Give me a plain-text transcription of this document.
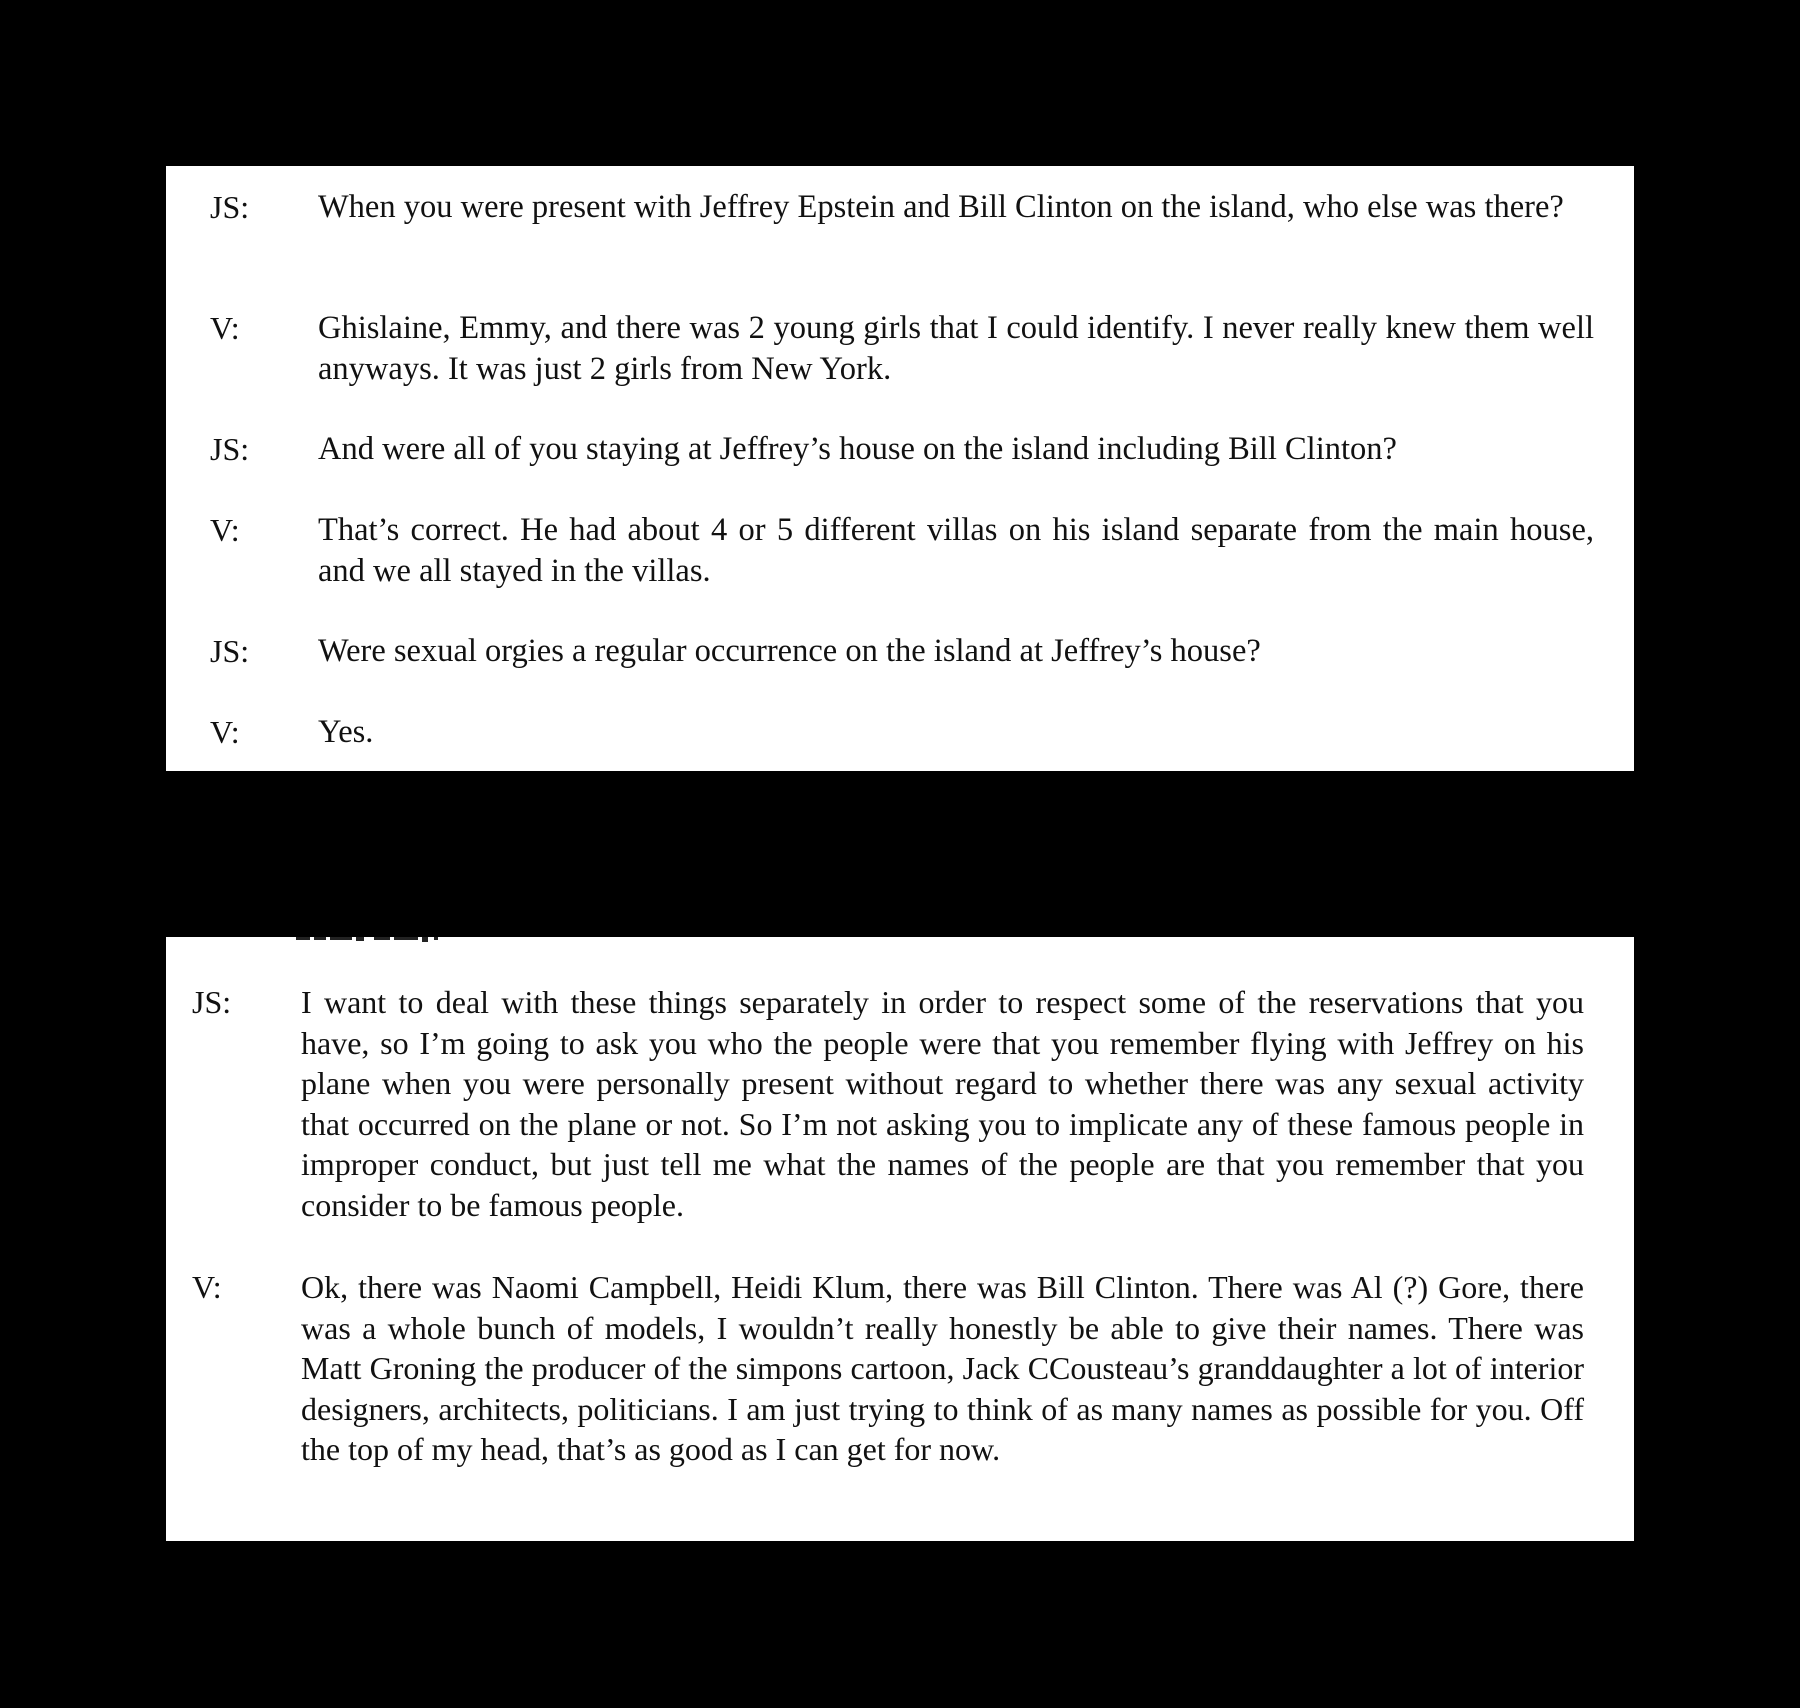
JS: When you were present with Jeffrey Epstein and Bill Clinton on the island, who else was there?
V: Ghislaine, Emmy, and there was 2 young girls that I could identify. I never really knew them well anyways. It was just 2 girls from New York.
JS: And were all of you staying at Jeffrey’s house on the island including Bill Clinton?
V: That’s correct. He had about 4 or 5 different villas on his island separate from the main house, and we all stayed in the villas.
JS: Were sexual orgies a regular occurrence on the island at Jeffrey’s house?
V: Yes.
JS: I want to deal with these things separately in order to respect some of the reservations that you have, so I’m going to ask you who the people were that you remember flying with Jeffrey on his plane when you were personally present without regard to whether there was any sexual activity that occurred on the plane or not. So I’m not asking you to implicate any of these famous people in improper conduct, but just tell me what the names of the people are that you remember that you consider to be famous people.
V: Ok, there was Naomi Campbell, Heidi Klum, there was Bill Clinton. There was Al (?) Gore, there was a whole bunch of models, I wouldn’t really honestly be able to give their names. There was Matt Groning the producer of the simpons cartoon, Jack CCousteau’s granddaughter a lot of interior designers, architects, politicians. I am just trying to think of as many names as possible for you. Off the top of my head, that’s as good as I can get for now.
